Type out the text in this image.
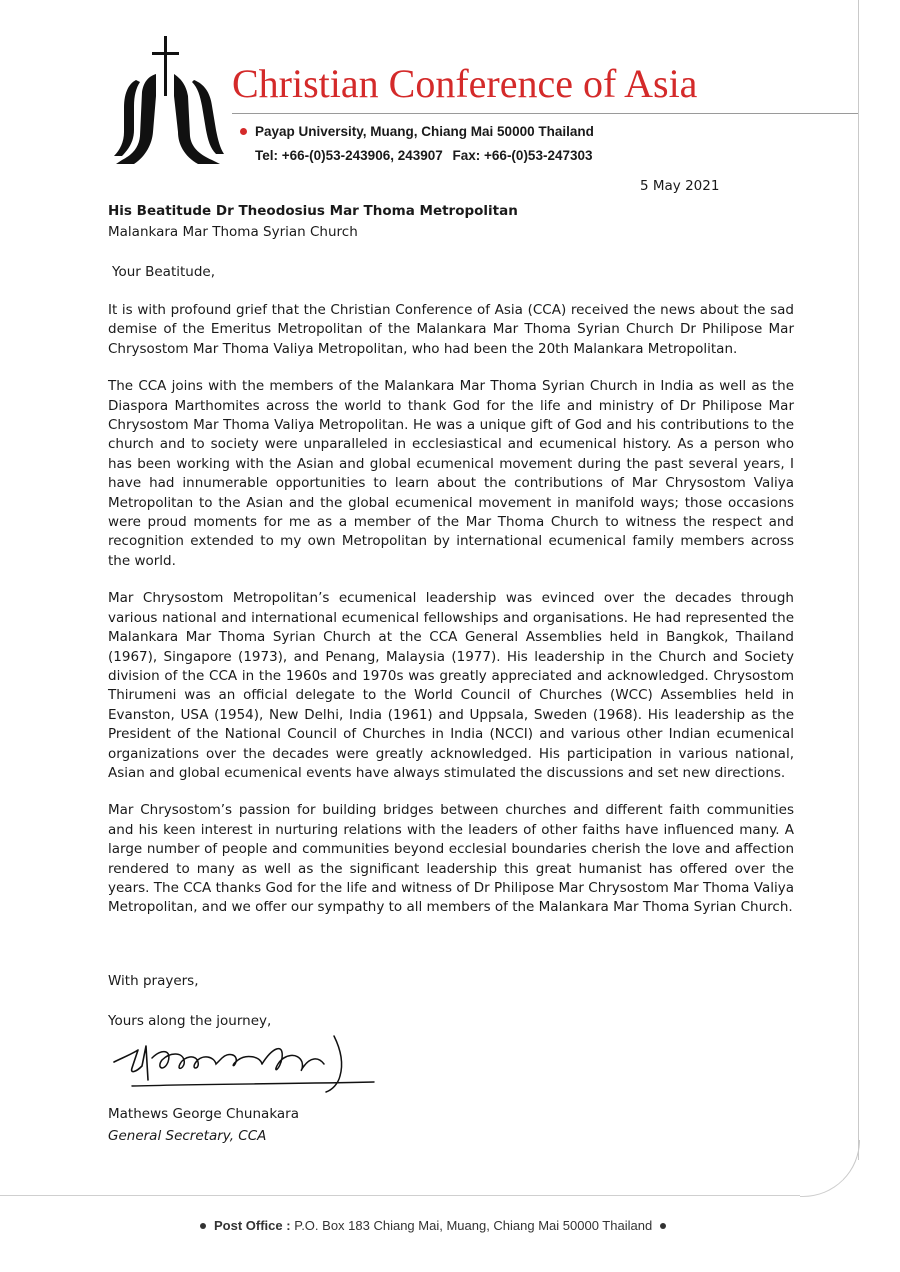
Christian Conference of Asia
Payap University, Muang, Chiang Mai 50000 Thailand
Tel: +66-(0)53-243906, 243907 Fax: +66-(0)53-247303
5 May 2021
His Beatitude Dr Theodosius Mar Thoma Metropolitan
Malankara Mar Thoma Syrian Church
Your Beatitude,

It is with profound grief that the Christian Conference of Asia (CCA) received the news about the sad demise of the Emeritus Metropolitan of the Malankara Mar Thoma Syrian Church Dr Philipose Mar Chrysostom Mar Thoma Valiya Metropolitan, who had been the 20th Malankara Metropolitan.

The CCA joins with the members of the Malankara Mar Thoma Syrian Church in India as well as the Diaspora Marthomites across the world to thank God for the life and ministry of Dr Philipose Mar Chrysostom Mar Thoma Valiya Metropolitan. He was a unique gift of God and his contributions to the church and to society were unparalleled in ecclesiastical and ecumenical history. As a person who has been working with the Asian and global ecumenical movement during the past several years, I have had innumerable opportunities to learn about the contributions of Mar Chrysostom Valiya Metropolitan to the Asian and the global ecumenical movement in manifold ways; those occasions were proud moments for me as a member of the Mar Thoma Church to witness the respect and recognition extended to my own Metropolitan by international ecumenical family members across the world.

Mar Chrysostom Metropolitan’s ecumenical leadership was evinced over the decades through various national and international ecumenical fellowships and organisations. He had represented the Malankara Mar Thoma Syrian Church at the CCA General Assemblies held in Bangkok, Thailand (1967), Singapore (1973), and Penang, Malaysia (1977). His leadership in the Church and Society division of the CCA in the 1960s and 1970s was greatly appreciated and acknowledged. Chrysostom Thirumeni was an official delegate to the World Council of Churches (WCC) Assemblies held in Evanston, USA (1954), New Delhi, India (1961) and Uppsala, Sweden (1968). His leadership as the President of the National Council of Churches in India (NCCI) and various other Indian ecumenical organizations over the decades were greatly acknowledged. His participation in various national, Asian and global ecumenical events have always stimulated the discussions and set new directions.

Mar Chrysostom’s passion for building bridges between churches and different faith communities and his keen interest in nurturing relations with the leaders of other faiths have influenced many. A large number of people and communities beyond ecclesial boundaries cherish the love and affection rendered to many as well as the significant leadership this great humanist has offered over the years. The CCA thanks God for the life and witness of Dr Philipose Mar Chrysostom Mar Thoma Valiya Metropolitan, and we offer our sympathy to all members of the Malankara Mar Thoma Syrian Church.

With prayers,
Yours along the journey,
Mathews George Chunakara
General Secretary, CCA
Post Office : P.O. Box 183 Chiang Mai, Muang, Chiang Mai 50000 Thailand
